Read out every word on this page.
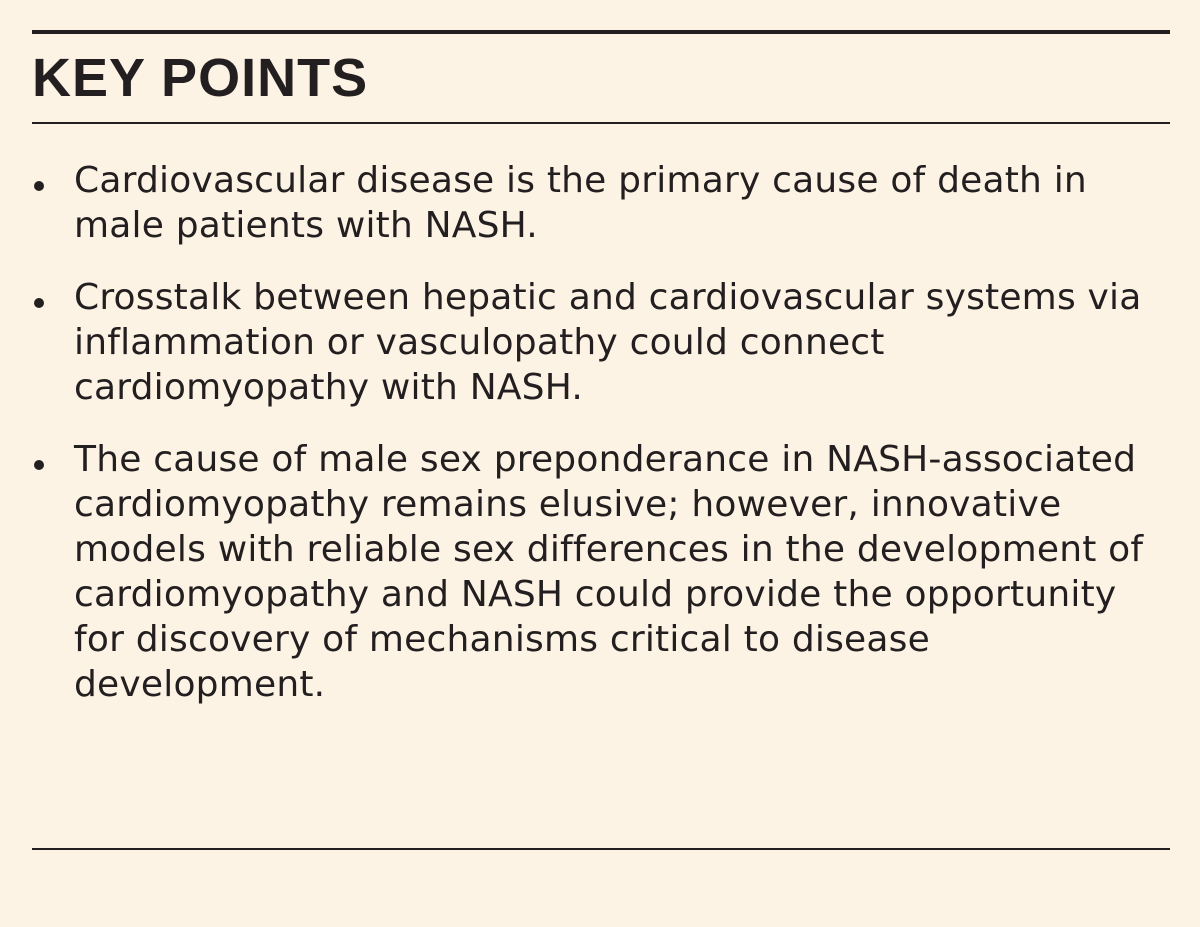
KEY POINTS
Cardiovascular disease is the primary cause of death in male patients with NASH.
Crosstalk between hepatic and cardiovascular systems via inflammation or vasculopathy could connect cardiomyopathy with NASH.
The cause of male sex preponderance in NASH-associated cardiomyopathy remains elusive; however, innovative models with reliable sex differences in the development of cardiomyopathy and NASH could provide the opportunity for discovery of mechanisms critical to disease development.
